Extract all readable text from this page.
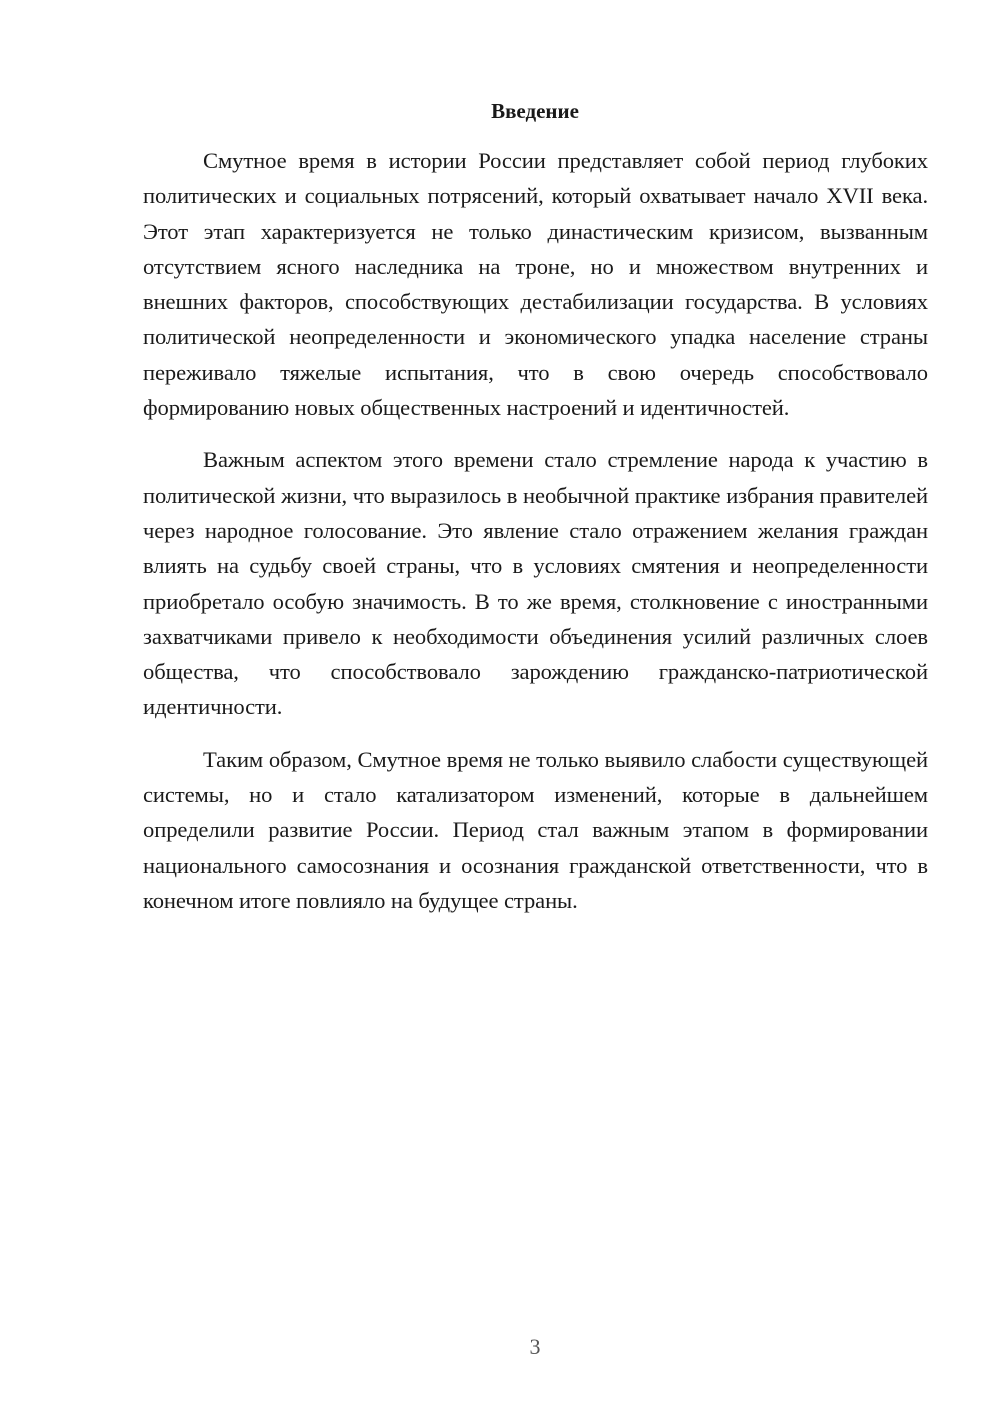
Введение

Смутное время в истории России представляет собой период глубоких политических и социальных потрясений, который охватывает начало XVII века. Этот этап характеризуется не только династическим кризисом, вызванным отсутствием ясного наследника на троне, но и множеством внутренних и внешних факторов, способствующих дестабилизации государства. В условиях политической неопределенности и экономического упадка население страны переживало тяжелые испытания, что в свою очередь способствовало формированию новых общественных настроений и идентичностей.

Важным аспектом этого времени стало стремление народа к участию в политической жизни, что выразилось в необычной практике избрания правителей через народное голосование. Это явление стало отражением желания граждан влиять на судьбу своей страны, что в условиях смятения и неопределенности приобретало особую значимость. В то же время, столкновение с иностранными захватчиками привело к необходимости объединения усилий различных слоев общества, что способствовало зарождению гражданско-патриотической идентичности.

Таким образом, Смутное время не только выявило слабости существующей системы, но и стало катализатором изменений, которые в дальнейшем определили развитие России. Период стал важным этапом в формировании национального самосознания и осознания гражданской ответственности, что в конечном итоге повлияло на будущее страны.

3
